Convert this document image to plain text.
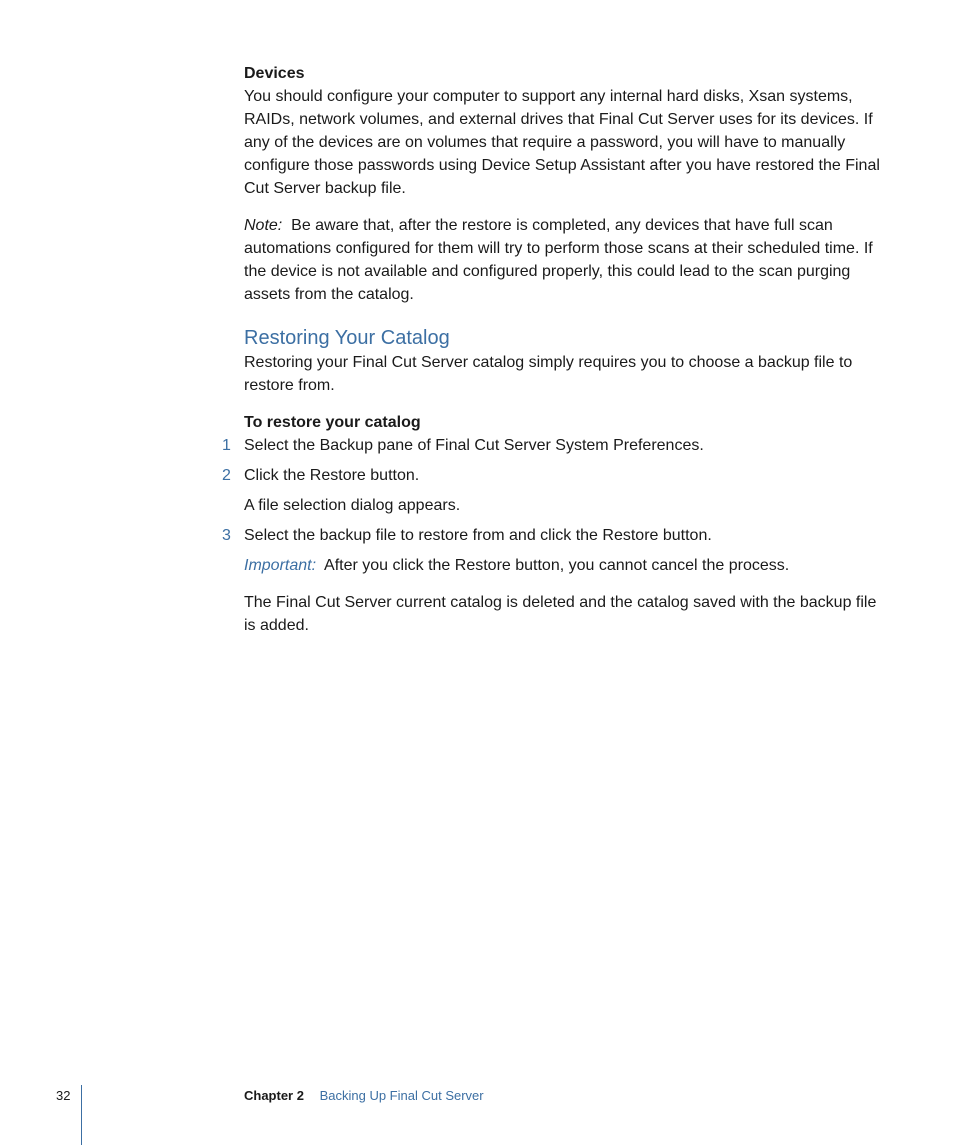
Devices

You should configure your computer to support any internal hard disks, Xsan systems, RAIDs, network volumes, and external drives that Final Cut Server uses for its devices. If any of the devices are on volumes that require a password, you will have to manually configure those passwords using Device Setup Assistant after you have restored the Final Cut Server backup file.

Note: Be aware that, after the restore is completed, any devices that have full scan automations configured for them will try to perform those scans at their scheduled time. If the device is not available and configured properly, this could lead to the scan purging assets from the catalog.

Restoring Your Catalog

Restoring your Final Cut Server catalog simply requires you to choose a backup file to restore from.

To restore your catalog

1 Select the Backup pane of Final Cut Server System Preferences.
2 Click the Restore button.

A file selection dialog appears.

3 Select the backup file to restore from and click the Restore button.

Important: After you click the Restore button, you cannot cancel the process.

The Final Cut Server current catalog is deleted and the catalog saved with the backup file is added.

32	Chapter 2 Backing Up Final Cut Server
